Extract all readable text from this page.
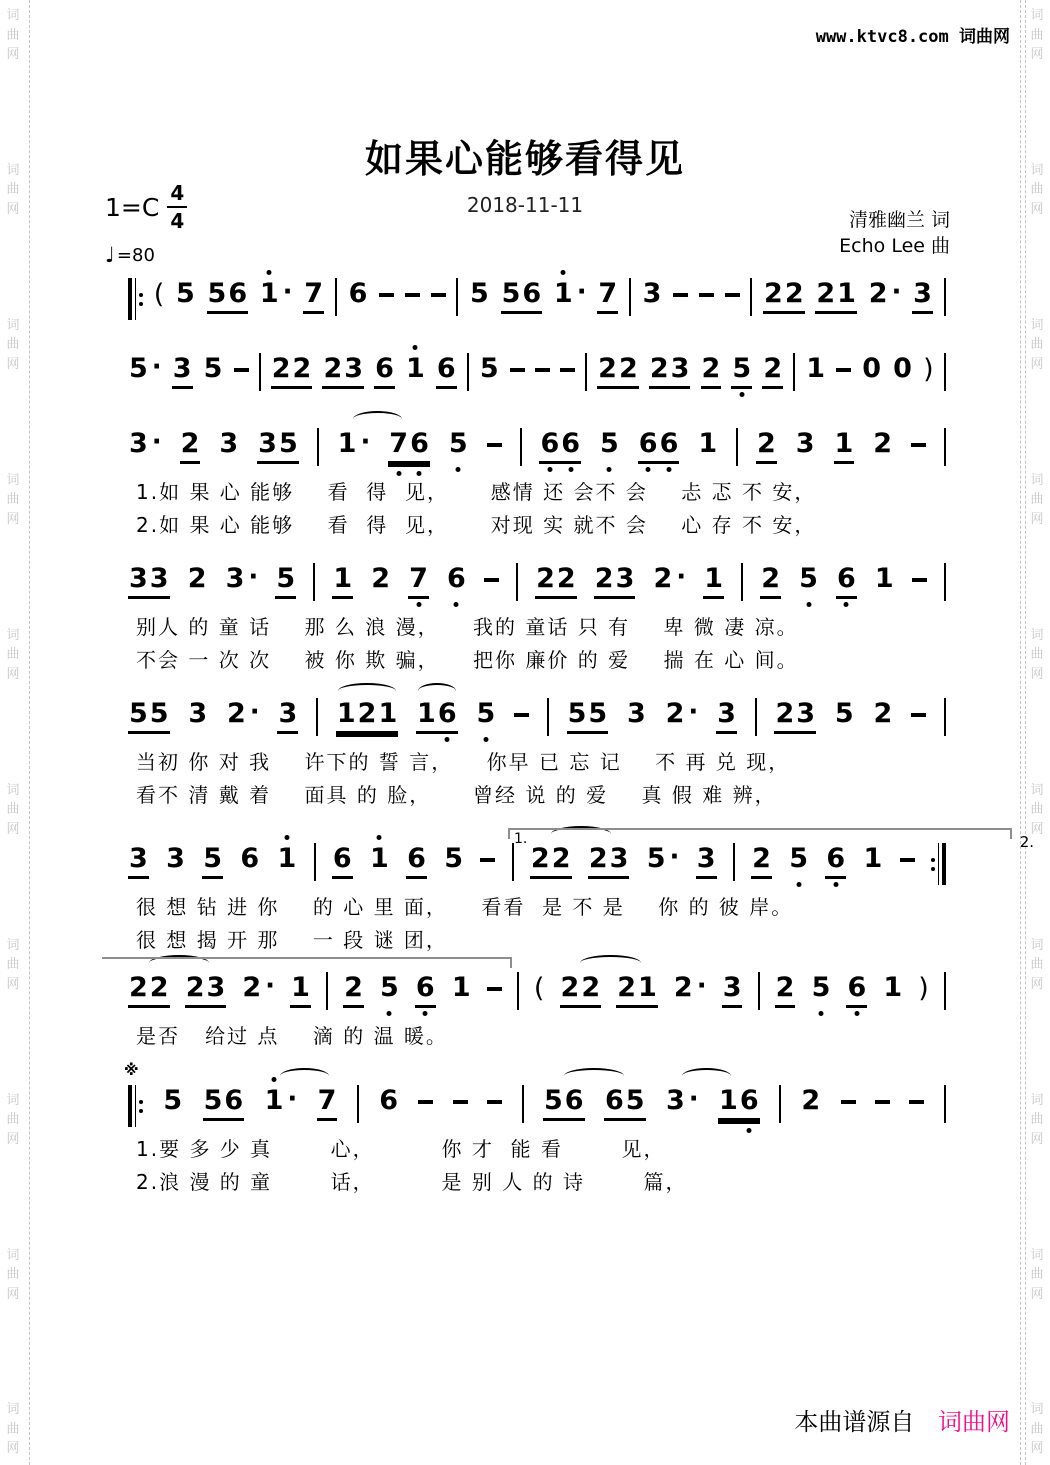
词
曲
网
词
曲
网
词
曲
网
词
曲
网
词
曲
网
词
曲
网
词
曲
网
词
曲
网
词
曲
网
词
曲
网
词
曲
网
词
曲
网
词
曲
网
词
曲
网
词
曲
网
词
曲
网
词
曲
网
词
曲
网
词
曲
网
词
曲
网
www.ktvc8.com 词曲网
如果心能够看得见
2018-11-11
1=C 4
4
♩ =80
清雅幽兰 词
Echo Lee 曲
( 5 5 6 1 · 7 6	5 5 6 1 · 7 3	2 2 2 1 2 · 3
5 · 3 5 2 2 2 3 6 1 6 5	2 2 2 3 2 5 2 1 0 0 )
3 · 2 3 3 5 1 · 7 6 5	6 6 5 6 6 1 2 3 1 2
1.如 果 心 能够    看  得  见，     感情 还 会不 会    忐 忑 不 安，
2.如 果 心 能够    看  得  见，     对现 实 就不 会    心 存 不 安，
3 3 2 3 · 5 1 2 7 6	2 2 2 3 2 · 1 2 5 6 1
别人 的 童 话    那 么 浪 漫，    我的 童话 只 有    卑 微 凄 凉。
不会 一 次 次    被 你 欺 骗，    把你 廉价 的 爱    揣 在 心 间。
5 5 3 2 · 3 1 2 1 1 6 5	5 5 3 2 · 3 2 3 5 2
当初 你 对 我    许下的 誓 言，    你早 已 忘 记    不 再 兑 现，
看不 清 戴 着    面具 的 脸，     曾经 说 的 爱    真 假 难 辨，
3 3 5 6 1 6 1 6 5	2 2 2 3 5 · 3 2 5 6 1
很 想 钻 进 你    的 心 里 面，    看看  是 不 是    你 的 彼 岸。
很 想 揭 开 那    一 段 谜 团，
1.	2.
2 2 2 3 2 · 1 2 5 6 1 ( 2 2 2 1 2 · 3 2 5 6 1 )
是否   给过 点    滴 的 温 暖。
5 5 6 1 · 7 6	5 6 6 5 3 · 1 6 2
1.要 多 少 真       心，        你 才  能 看       见，
2.浪 漫 的 童       话，        是 别 人 的 诗       篇，
※
本曲谱源自 词曲网
